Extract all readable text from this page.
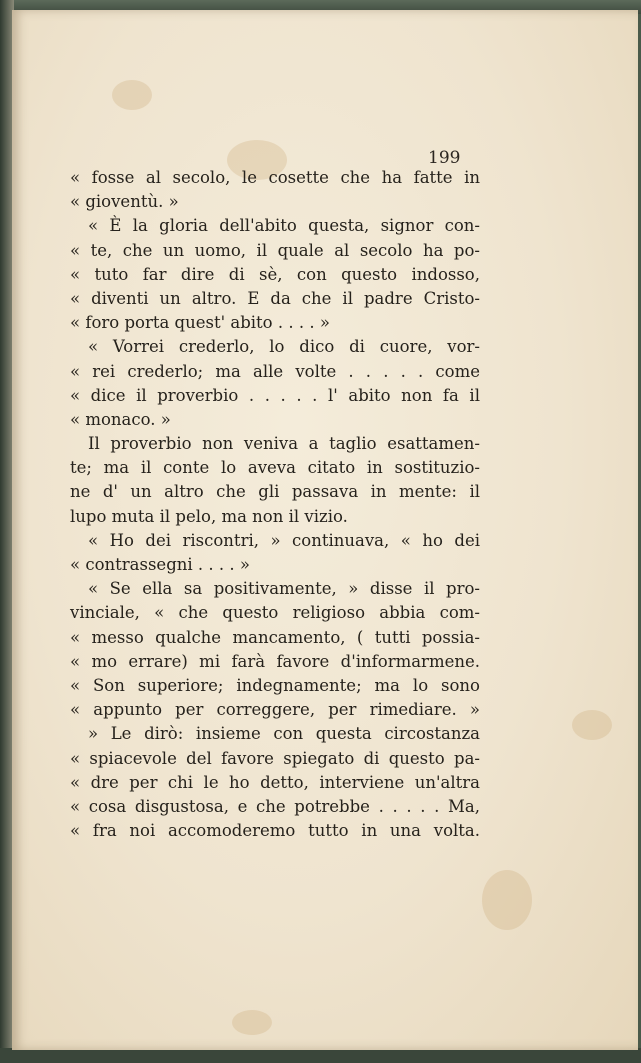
199
« fosse al secolo, le cosette che ha fatte in
« gioventù. »
« È la gloria dell'abito questa, signor con-
« te, che un uomo, il quale al secolo ha po-
« tuto far dire di sè, con questo indosso,
« diventi un altro. E da che il padre Cristo-
« foro porta quest' abito . . . . »
« Vorrei crederlo, lo dico di cuore, vor-
« rei crederlo; ma alle volte . . . . . come
« dice il proverbio . . . . . l' abito non fa il
« monaco. »
Il proverbio non veniva a taglio esattamen-
te; ma il conte lo aveva citato in sostituzio-
ne d' un altro che gli passava in mente: il
lupo muta il pelo, ma non il vizio.
« Ho dei riscontri, » continuava, « ho dei
« contrassegni . . . . »
« Se ella sa positivamente, » disse il pro-
vinciale, « che questo religioso abbia com-
« messo qualche mancamento, ( tutti possia-
« mo errare) mi farà favore d'informarmene.
« Son superiore; indegnamente; ma lo sono
« appunto per correggere, per rimediare. »
» Le dirò: insieme con questa circostanza
« spiacevole del favore spiegato di questo pa-
« dre per chi le ho detto, interviene un'altra
« cosa disgustosa, e che potrebbe . . . . . Ma,
« fra noi accomoderemo tutto in una volta.
